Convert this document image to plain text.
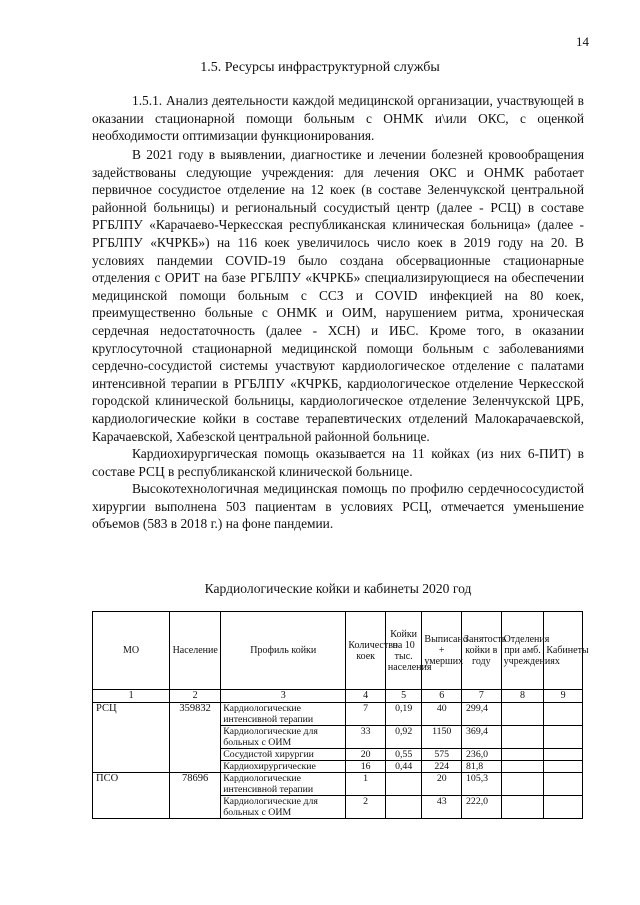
14
1.5. Ресурсы инфраструктурной службы

1.5.1. Анализ деятельности каждой медицинской организации, участвующей в оказании стационарной помощи больным с ОНМК и\или ОКС, с оценкой необходимости оптимизации функционирования.

В 2021 году в выявлении, диагностике и лечении болезней кровообращения задействованы следующие учреждения: для лечения ОКС и ОНМК работает первичное сосудистое отделение на 12 коек (в составе Зеленчукской центральной районной больницы) и региональный сосудистый центр (далее - РСЦ) в составе РГБЛПУ «Карачаево-Черкесская республиканская клиническая больница» (далее - РГБЛПУ «КЧРКБ») на 116 коек увеличилось число коек в 2019 году на 20. В условиях пандемии COVID-19 было создана обсервационные стационарные отделения с ОРИТ на базе РГБЛПУ «КЧРКБ» специализирующиеся на обеспечении медицинской помощи больным с ССЗ и COVID инфекцией на 80 коек, преимущественно больные с ОНМК и ОИМ, нарушением ритма, хроническая сердечная недостаточность (далее - ХСН) и ИБС. Кроме того, в оказании круглосуточной стационарной медицинской помощи больным с заболеваниями сердечно-сосудистой системы участвуют кардиологическое отделение с палатами интенсивной терапии в РГБЛПУ «КЧРКБ, кардиологическое отделение Черкесской городской клинической больницы, кардиологическое отделение Зеленчукской ЦРБ, кардиологические койки в составе терапевтических отделений Малокарачаевской, Карачаевской, Хабезской центральной районной больнице.

Кардиохирургическая помощь оказывается на 11 койках (из них 6-ПИТ) в составе РСЦ в республиканской клинической больнице.

Высокотехнологичная медицинская помощь по профилю сердечнососудистой хирургии выполнена 503 пациентам в условиях РСЦ, отмечается уменьшение объемов (583 в 2018 г.) на фоне пандемии.

Кардиологические койки и кабинеты 2020 год
МО	Население	Профиль койки	Количество коек	Койки на 10 тыс. населения	Выписано + умерших	Занятость койки в году	Отделения при амб. учреждениях	Кабинеты
1	2	3	4	5	6	7	8	9
РСЦ	359832	Кардиологические интенсивной терапии	7	0,19	40	299,4		
		Кардиологические для больных с ОИМ	33	0,92	1150	369,4		
		Сосудистой хирургии	20	0,55	575	236,0		
		Кардиохирургические	16	0,44	224	81,8		
ПСО	78696	Кардиологические интенсивной терапии	1		20	105,3		
		Кардиологические для больных с ОИМ	2		43	222,0		
